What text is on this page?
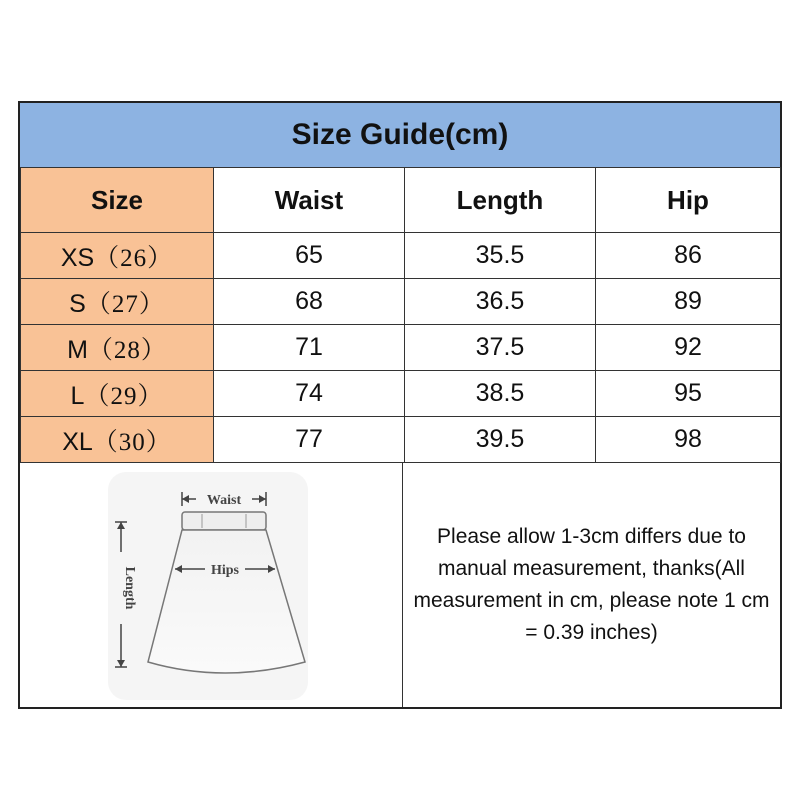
Size Guide(cm)
Size	Waist	Length	Hip
XS（26）	65	35.5	86
S（27）	68	36.5	89
M（28）	71	37.5	92
L（29）	74	38.5	95
XL（30）	77	39.5	98
Waist
Hips
Length
Please allow 1-3cm differs due to manual measurement, thanks(All measurement in cm, please note 1 cm = 0.39 inches)
